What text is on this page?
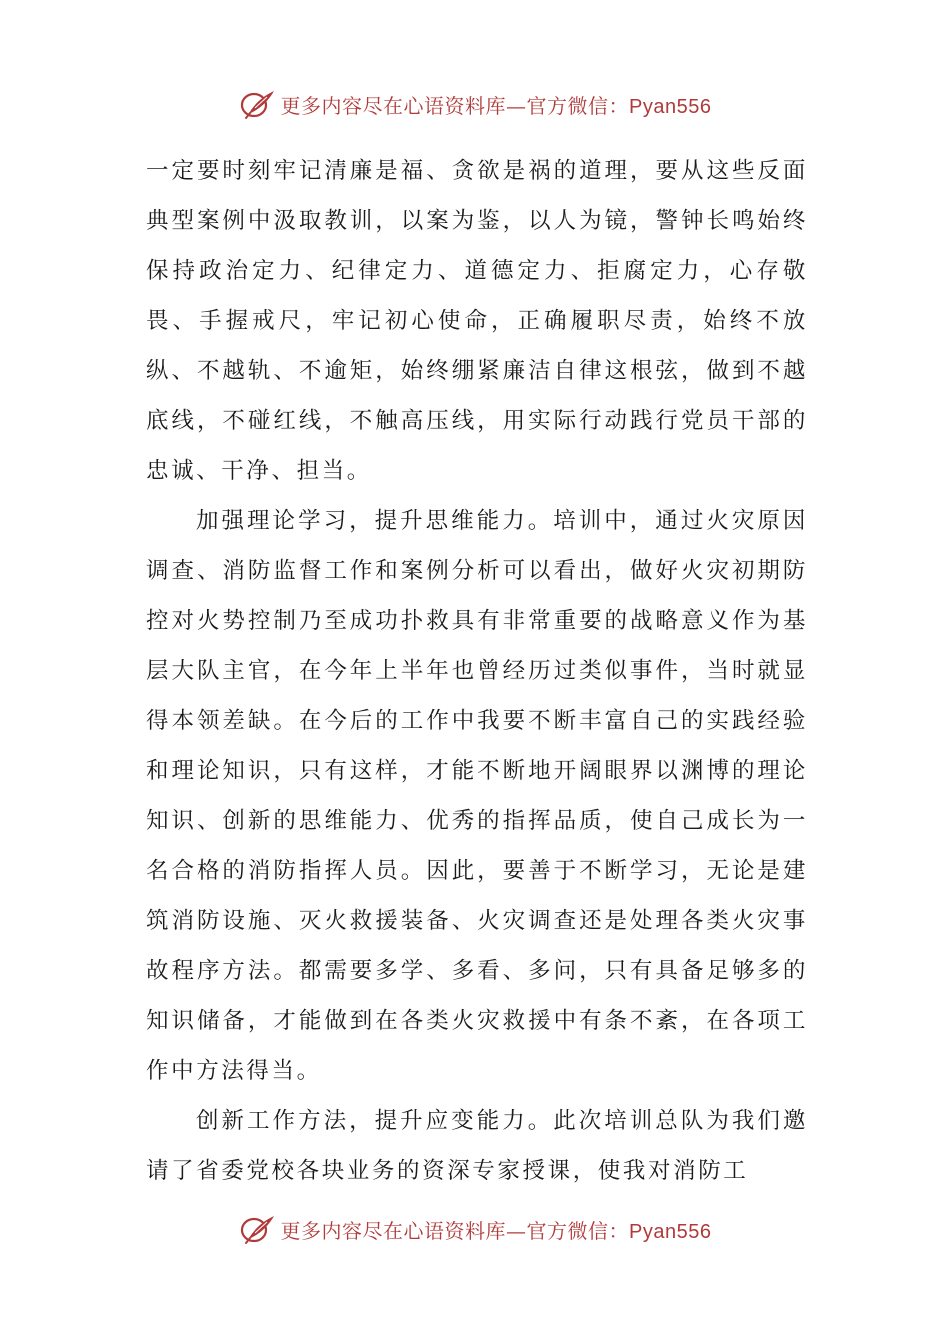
更多内容尽在心语资料库—官方微信：Pyan556

一定要时刻牢记清廉是福、贪欲是祸的道理，要从这些反面典型案例中汲取教训，以案为鉴，以人为镜，警钟长鸣始终保持政治定力、纪律定力、道德定力、拒腐定力，心存敬畏、手握戒尺，牢记初心使命，正确履职尽责，始终不放纵、不越轨、不逾矩，始终绷紧廉洁自律这根弦，做到不越底线，不碰红线，不触高压线，用实际行动践行党员干部的忠诚、干净、担当。

加强理论学习，提升思维能力。培训中，通过火灾原因调查、消防监督工作和案例分析可以看出，做好火灾初期防控对火势控制乃至成功扑救具有非常重要的战略意义作为基层大队主官，在今年上半年也曾经历过类似事件，当时就显得本领差缺。在今后的工作中我要不断丰富自己的实践经验和理论知识，只有这样，才能不断地开阔眼界以渊博的理论知识、创新的思维能力、优秀的指挥品质，使自己成长为一名合格的消防指挥人员。因此，要善于不断学习，无论是建筑消防设施、灭火救援装备、火灾调查还是处理各类火灾事故程序方法。都需要多学、多看、多问，只有具备足够多的知识储备，才能做到在各类火灾救援中有条不紊，在各项工作中方法得当。

创新工作方法，提升应变能力。此次培训总队为我们邀请了省委党校各块业务的资深专家授课，使我对消防工

更多内容尽在心语资料库—官方微信：Pyan556
